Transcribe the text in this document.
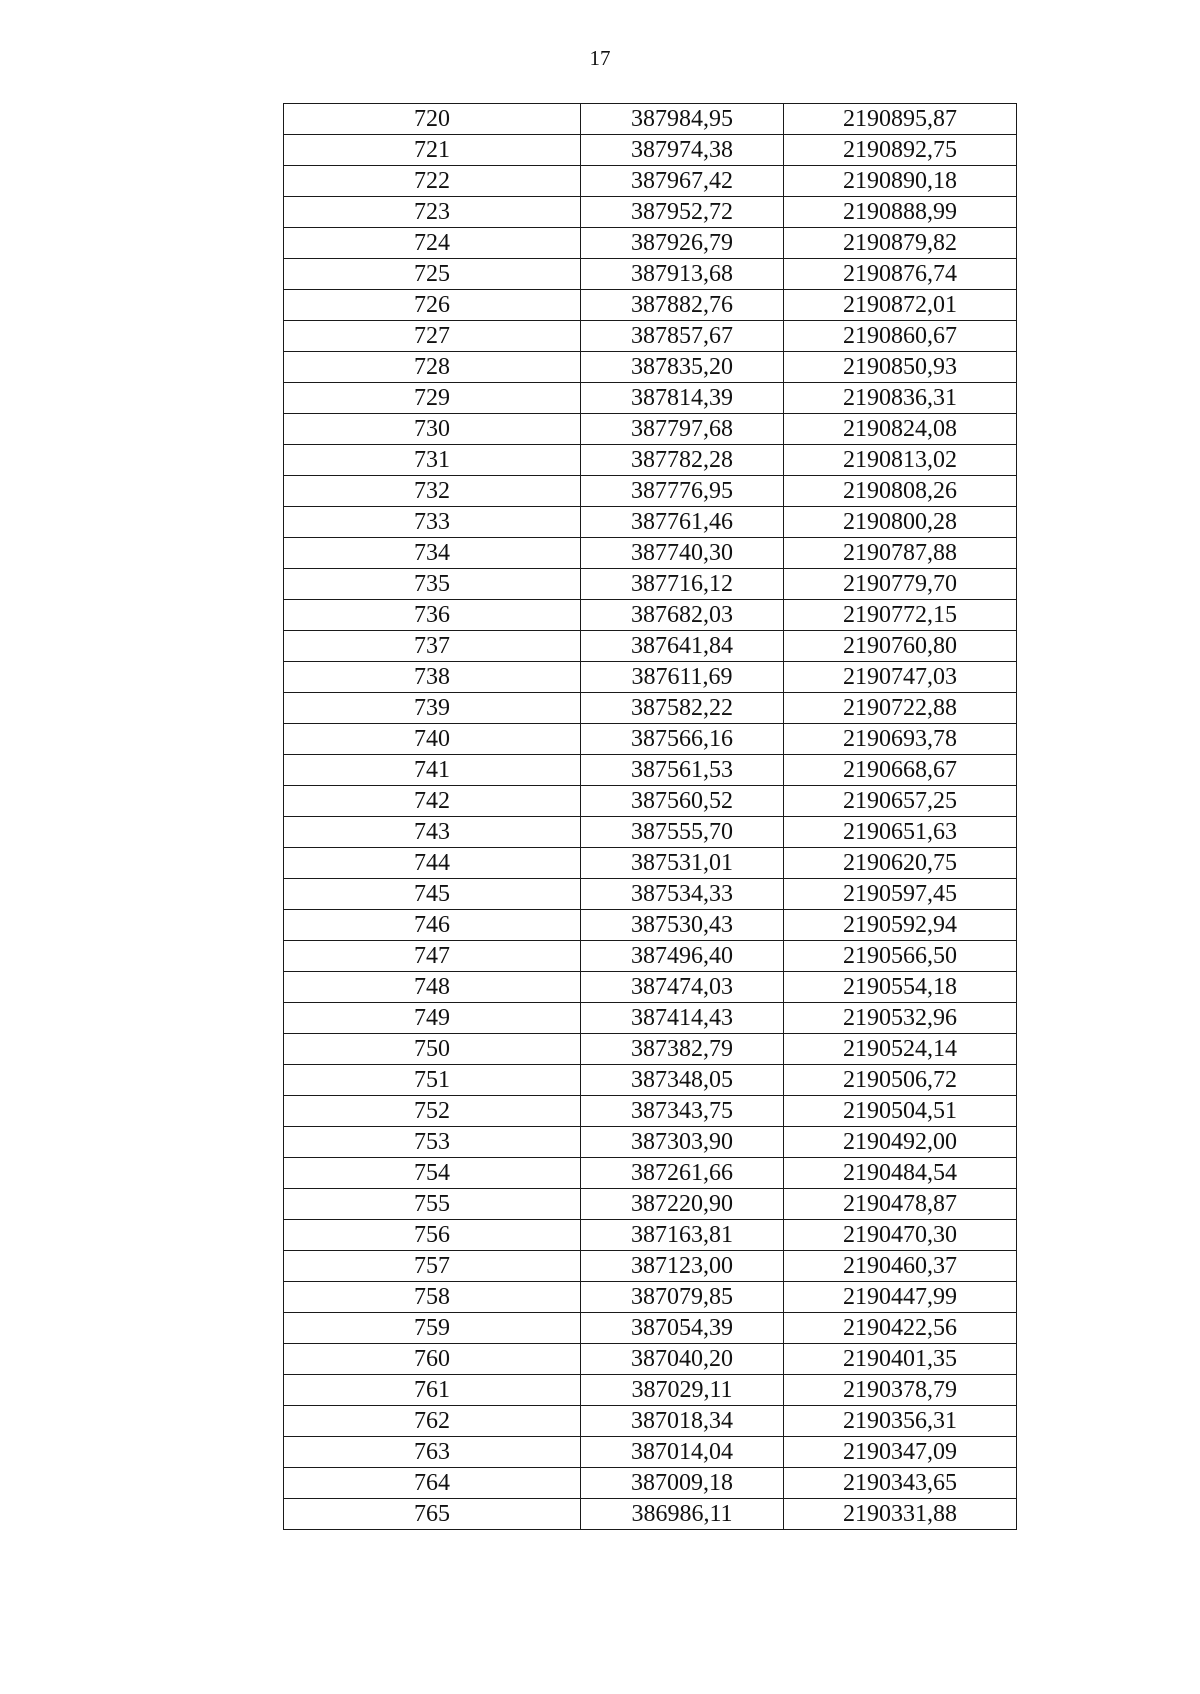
17
720	387984,95	2190895,87
721	387974,38	2190892,75
722	387967,42	2190890,18
723	387952,72	2190888,99
724	387926,79	2190879,82
725	387913,68	2190876,74
726	387882,76	2190872,01
727	387857,67	2190860,67
728	387835,20	2190850,93
729	387814,39	2190836,31
730	387797,68	2190824,08
731	387782,28	2190813,02
732	387776,95	2190808,26
733	387761,46	2190800,28
734	387740,30	2190787,88
735	387716,12	2190779,70
736	387682,03	2190772,15
737	387641,84	2190760,80
738	387611,69	2190747,03
739	387582,22	2190722,88
740	387566,16	2190693,78
741	387561,53	2190668,67
742	387560,52	2190657,25
743	387555,70	2190651,63
744	387531,01	2190620,75
745	387534,33	2190597,45
746	387530,43	2190592,94
747	387496,40	2190566,50
748	387474,03	2190554,18
749	387414,43	2190532,96
750	387382,79	2190524,14
751	387348,05	2190506,72
752	387343,75	2190504,51
753	387303,90	2190492,00
754	387261,66	2190484,54
755	387220,90	2190478,87
756	387163,81	2190470,30
757	387123,00	2190460,37
758	387079,85	2190447,99
759	387054,39	2190422,56
760	387040,20	2190401,35
761	387029,11	2190378,79
762	387018,34	2190356,31
763	387014,04	2190347,09
764	387009,18	2190343,65
765	386986,11	2190331,88
